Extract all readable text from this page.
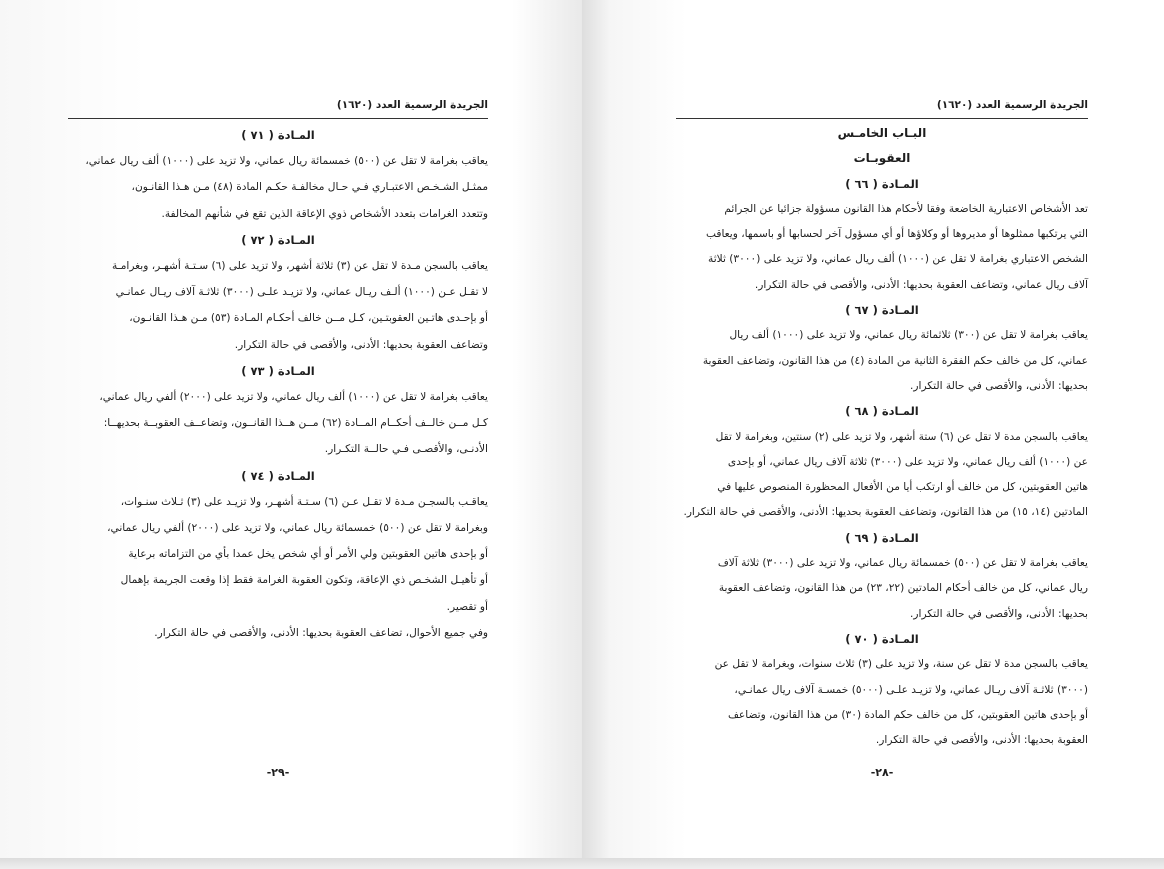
الجريدة الرسمية العدد (١٦٢٠)

المـادة ( ٧١ )

يعاقب بغرامة لا تقل عن (٥٠٠) خمسمائة ريال عماني، ولا تزيد على (١٠٠٠) ألف ريال عماني،

ممثـل الشـخـص الاعتبـاري فـي حـال مخالفـة حكـم المادة (٤٨) مـن هـذا القانـون،

وتتعدد الغرامات بتعدد الأشخاص ذوي الإعاقة الذين تقع في شأنهم المخالفة.

المـادة ( ٧٢ )

يعاقب بالسجن مـدة لا تقل عن (٣) ثلاثة أشهر، ولا تزيد على (٦) سـتـة أشهـر، وبغرامـة

لا تقـل عـن (١٠٠٠) ألـف ريـال عماني، ولا تزيـد علـى (٣٠٠٠) ثلاثـة آلاف ريـال عمانـي

أو بإحـدى هاتـين العقوبتـين، كـل مــن خالف أحكـام المـادة (٥٣) مـن هـذا القانـون،

وتضاعف العقوبة بحديها: الأدنى، والأقصى في حالة التكرار.

المـادة ( ٧٣ )

يعاقب بغرامة لا تقل عن (١٠٠٠) ألف ريال عماني، ولا تزيد على (٢٠٠٠) ألفي ريال عماني،

كـل مــن خالــف أحكــام المــادة (٦٢) مــن هــذا القانــون، وتضاعــف العقوبــة بحديهــا:

الأدنـى، والأقصـى فـي حالــة التكـرار.

المـادة ( ٧٤ )

يعاقـب بالسجـن مـدة لا تقـل عـن (٦) سـتـة أشهـر، ولا تزيـد على (٣) ثـلاث سنـوات،

وبغرامة لا تقل عن (٥٠٠) خمسمائة ريال عماني، ولا تزيد على (٢٠٠٠) ألفي ريال عماني،

أو بإحدى هاتين العقوبتين ولي الأمر أو أي شخص يخل عمدا بأي من التزاماته برعاية

أو تأهيـل الشخـص ذي الإعاقة، وتكون العقوبة الغرامة فقط إذا وقعت الجريمة بإهمال

أو تقصير.

وفي جميع الأحوال، تضاعف العقوبة بحديها: الأدنى، والأقصى في حالة التكرار.

-٢٩-
الجريدة الرسمية العدد (١٦٢٠)

البـاب الخامـس

العقوبـات

المـادة ( ٦٦ )

تعد الأشخاص الاعتبارية الخاضعة وفقا لأحكام هذا القانون مسؤولة جزائيا عن الجرائم

التي يرتكبها ممثلوها أو مديروها أو وكلاؤها أو أي مسؤول آخر لحسابها أو باسمها، ويعاقب

الشخص الاعتباري بغرامة لا تقل عن (١٠٠٠) ألف ريال عماني، ولا تزيد على (٣٠٠٠) ثلاثة

آلاف ريال عماني، وتضاعف العقوبة بحديها: الأدنى، والأقصى في حالة التكرار.

المـادة ( ٦٧ )

يعاقب بغرامة لا تقل عن (٣٠٠) ثلاثمائة ريال عماني، ولا تزيد على (١٠٠٠) ألف ريال

عماني، كل من خالف حكم الفقرة الثانية من المادة (٤) من هذا القانون، وتضاعف العقوبة

بحديها: الأدنى، والأقصى في حالة التكرار.

المـادة ( ٦٨ )

يعاقب بالسجن مدة لا تقل عن (٦) ستة أشهر، ولا تزيد على (٢) سنتين، وبغرامة لا تقل

عن (١٠٠٠) ألف ريال عماني، ولا تزيد على (٣٠٠٠) ثلاثة آلاف ريال عماني، أو بإحدى

هاتين العقوبتين، كل من خالف أو ارتكب أيا من الأفعال المحظورة المنصوص عليها في

المادتين (١٤، ١٥) من هذا القانون، وتضاعف العقوبة بحديها: الأدنى، والأقصى في حالة التكرار.

المـادة ( ٦٩ )

يعاقب بغرامة لا تقل عن (٥٠٠) خمسمائة ريال عماني، ولا تزيد على (٣٠٠٠) ثلاثة آلاف

ريال عماني، كل من خالف أحكام المادتين (٢٢، ٢٣) من هذا القانون، وتضاعف العقوبة

بحديها: الأدنى، والأقصى في حالة التكرار.

المـادة ( ٧٠ )

يعاقب بالسجن مدة لا تقل عن سنة، ولا تزيد على (٣) ثلاث سنوات، وبغرامة لا تقل عن

(٣٠٠٠) ثلاثـة آلاف ريـال عماني، ولا تزيـد علـى (٥٠٠٠) خمسـة آلاف ريال عمانـي،

أو بإحدى هاتين العقوبتين، كل من خالف حكم المادة (٣٠) من هذا القانون، وتضاعف

العقوبة بحديها: الأدنى، والأقصى في حالة التكرار.

-٢٨-
